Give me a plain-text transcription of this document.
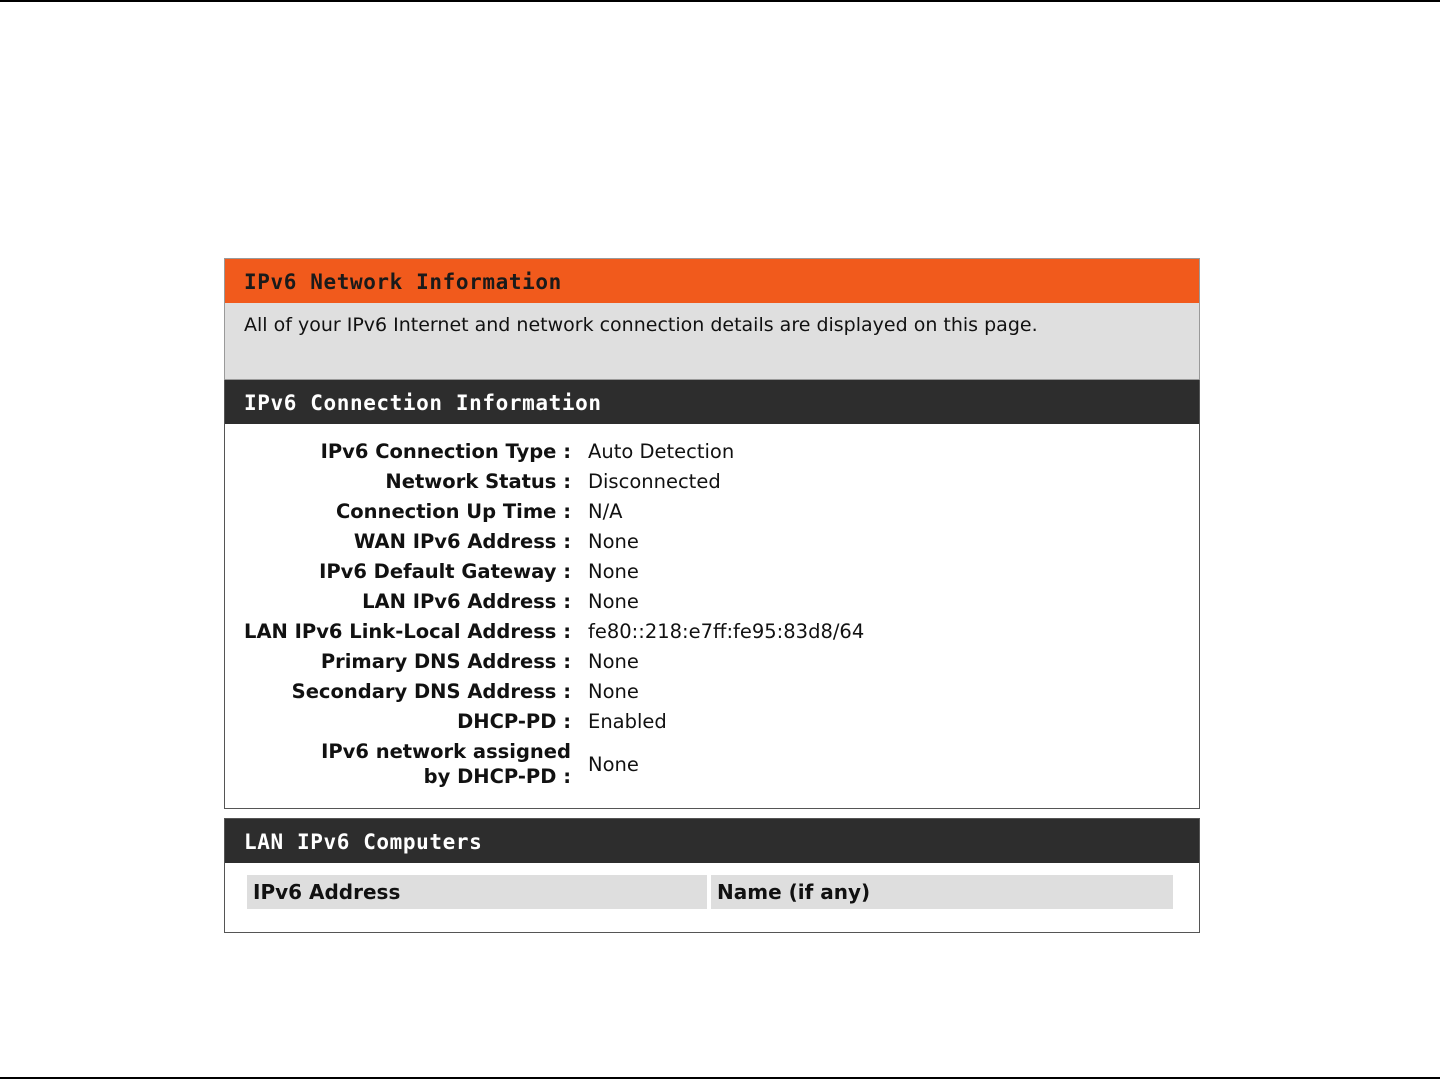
IPv6 Network Information
All of your IPv6 Internet and network connection details are displayed on this page.
IPv6 Connection Information
IPv6 Connection Type : Auto Detection
Network Status : Disconnected
Connection Up Time : N/A
WAN IPv6 Address : None
IPv6 Default Gateway : None
LAN IPv6 Address : None
LAN IPv6 Link-Local Address : fe80::218:e7ff:fe95:83d8/64
Primary DNS Address : None
Secondary DNS Address : None
DHCP-PD : Enabled
IPv6 network assigned
by DHCP-PD :
None
LAN IPv6 Computers
IPv6 Address	Name (if any)
